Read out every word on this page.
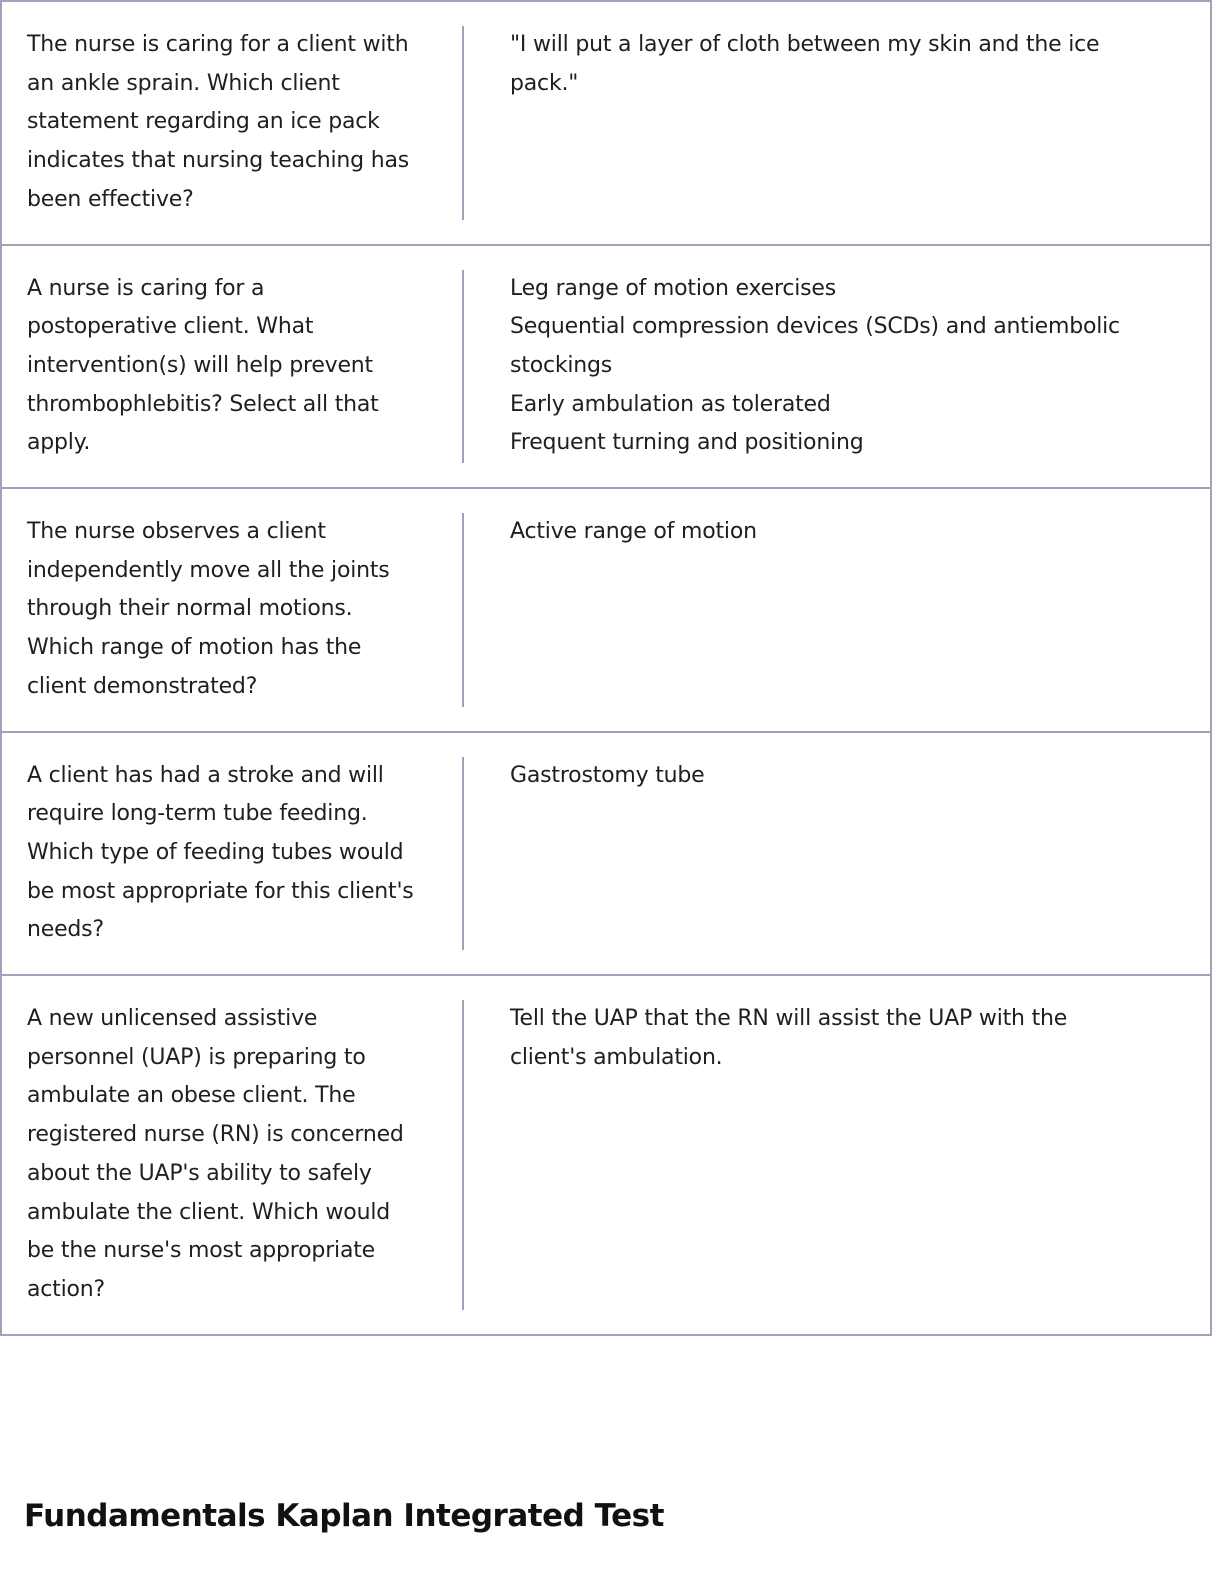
The nurse is caring for a client with an ankle sprain. Which client statement regarding an ice pack indicates that nursing teaching has been effective?
"I will put a layer of cloth between my skin and the ice pack."
A nurse is caring for a postoperative client. What intervention(s) will help prevent thrombophlebitis? Select all that apply.
Leg range of motion exercises
Sequential compression devices (SCDs) and antiembolic stockings
Early ambulation as tolerated
Frequent turning and positioning
The nurse observes a client independently move all the joints through their normal motions. Which range of motion has the client demonstrated?
Active range of motion
A client has had a stroke and will require long-term tube feeding. Which type of feeding tubes would be most appropriate for this client's needs?
Gastrostomy tube
A new unlicensed assistive personnel (UAP) is preparing to ambulate an obese client. The registered nurse (RN) is concerned about the UAP's ability to safely ambulate the client. Which would be the nurse's most appropriate action?
Tell the UAP that the RN will assist the UAP with the client's ambulation.
Fundamentals Kaplan Integrated Test
